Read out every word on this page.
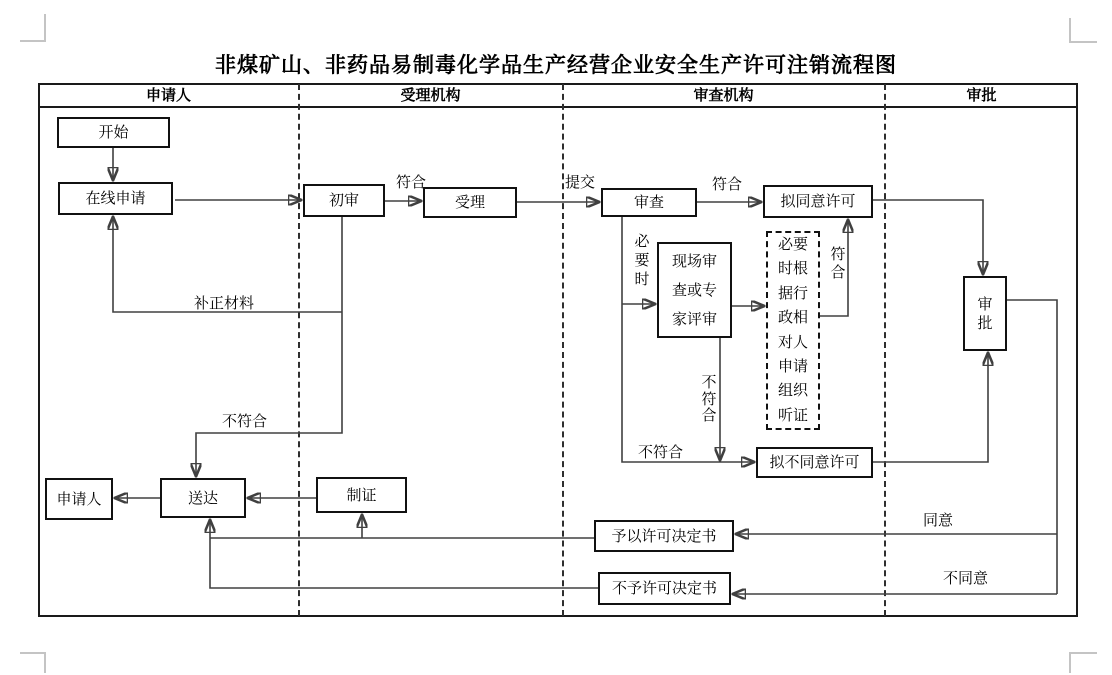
非煤矿山、非药品易制毒化学品生产经营企业安全生产许可注销流程图
申请人	受理机构	审查机构	审批
开始
在线申请	初审	受理	审查	拟同意许可
现场审查或专家评审
必要时根据行政相对人申请组织听证
审批
拟不同意许可
予以许可决定书
不予许可决定书
申请人	送达	制证
符合	提交	符合
必要时
符合
补正材料
不符合
不符合
不符合
同意
不同意
